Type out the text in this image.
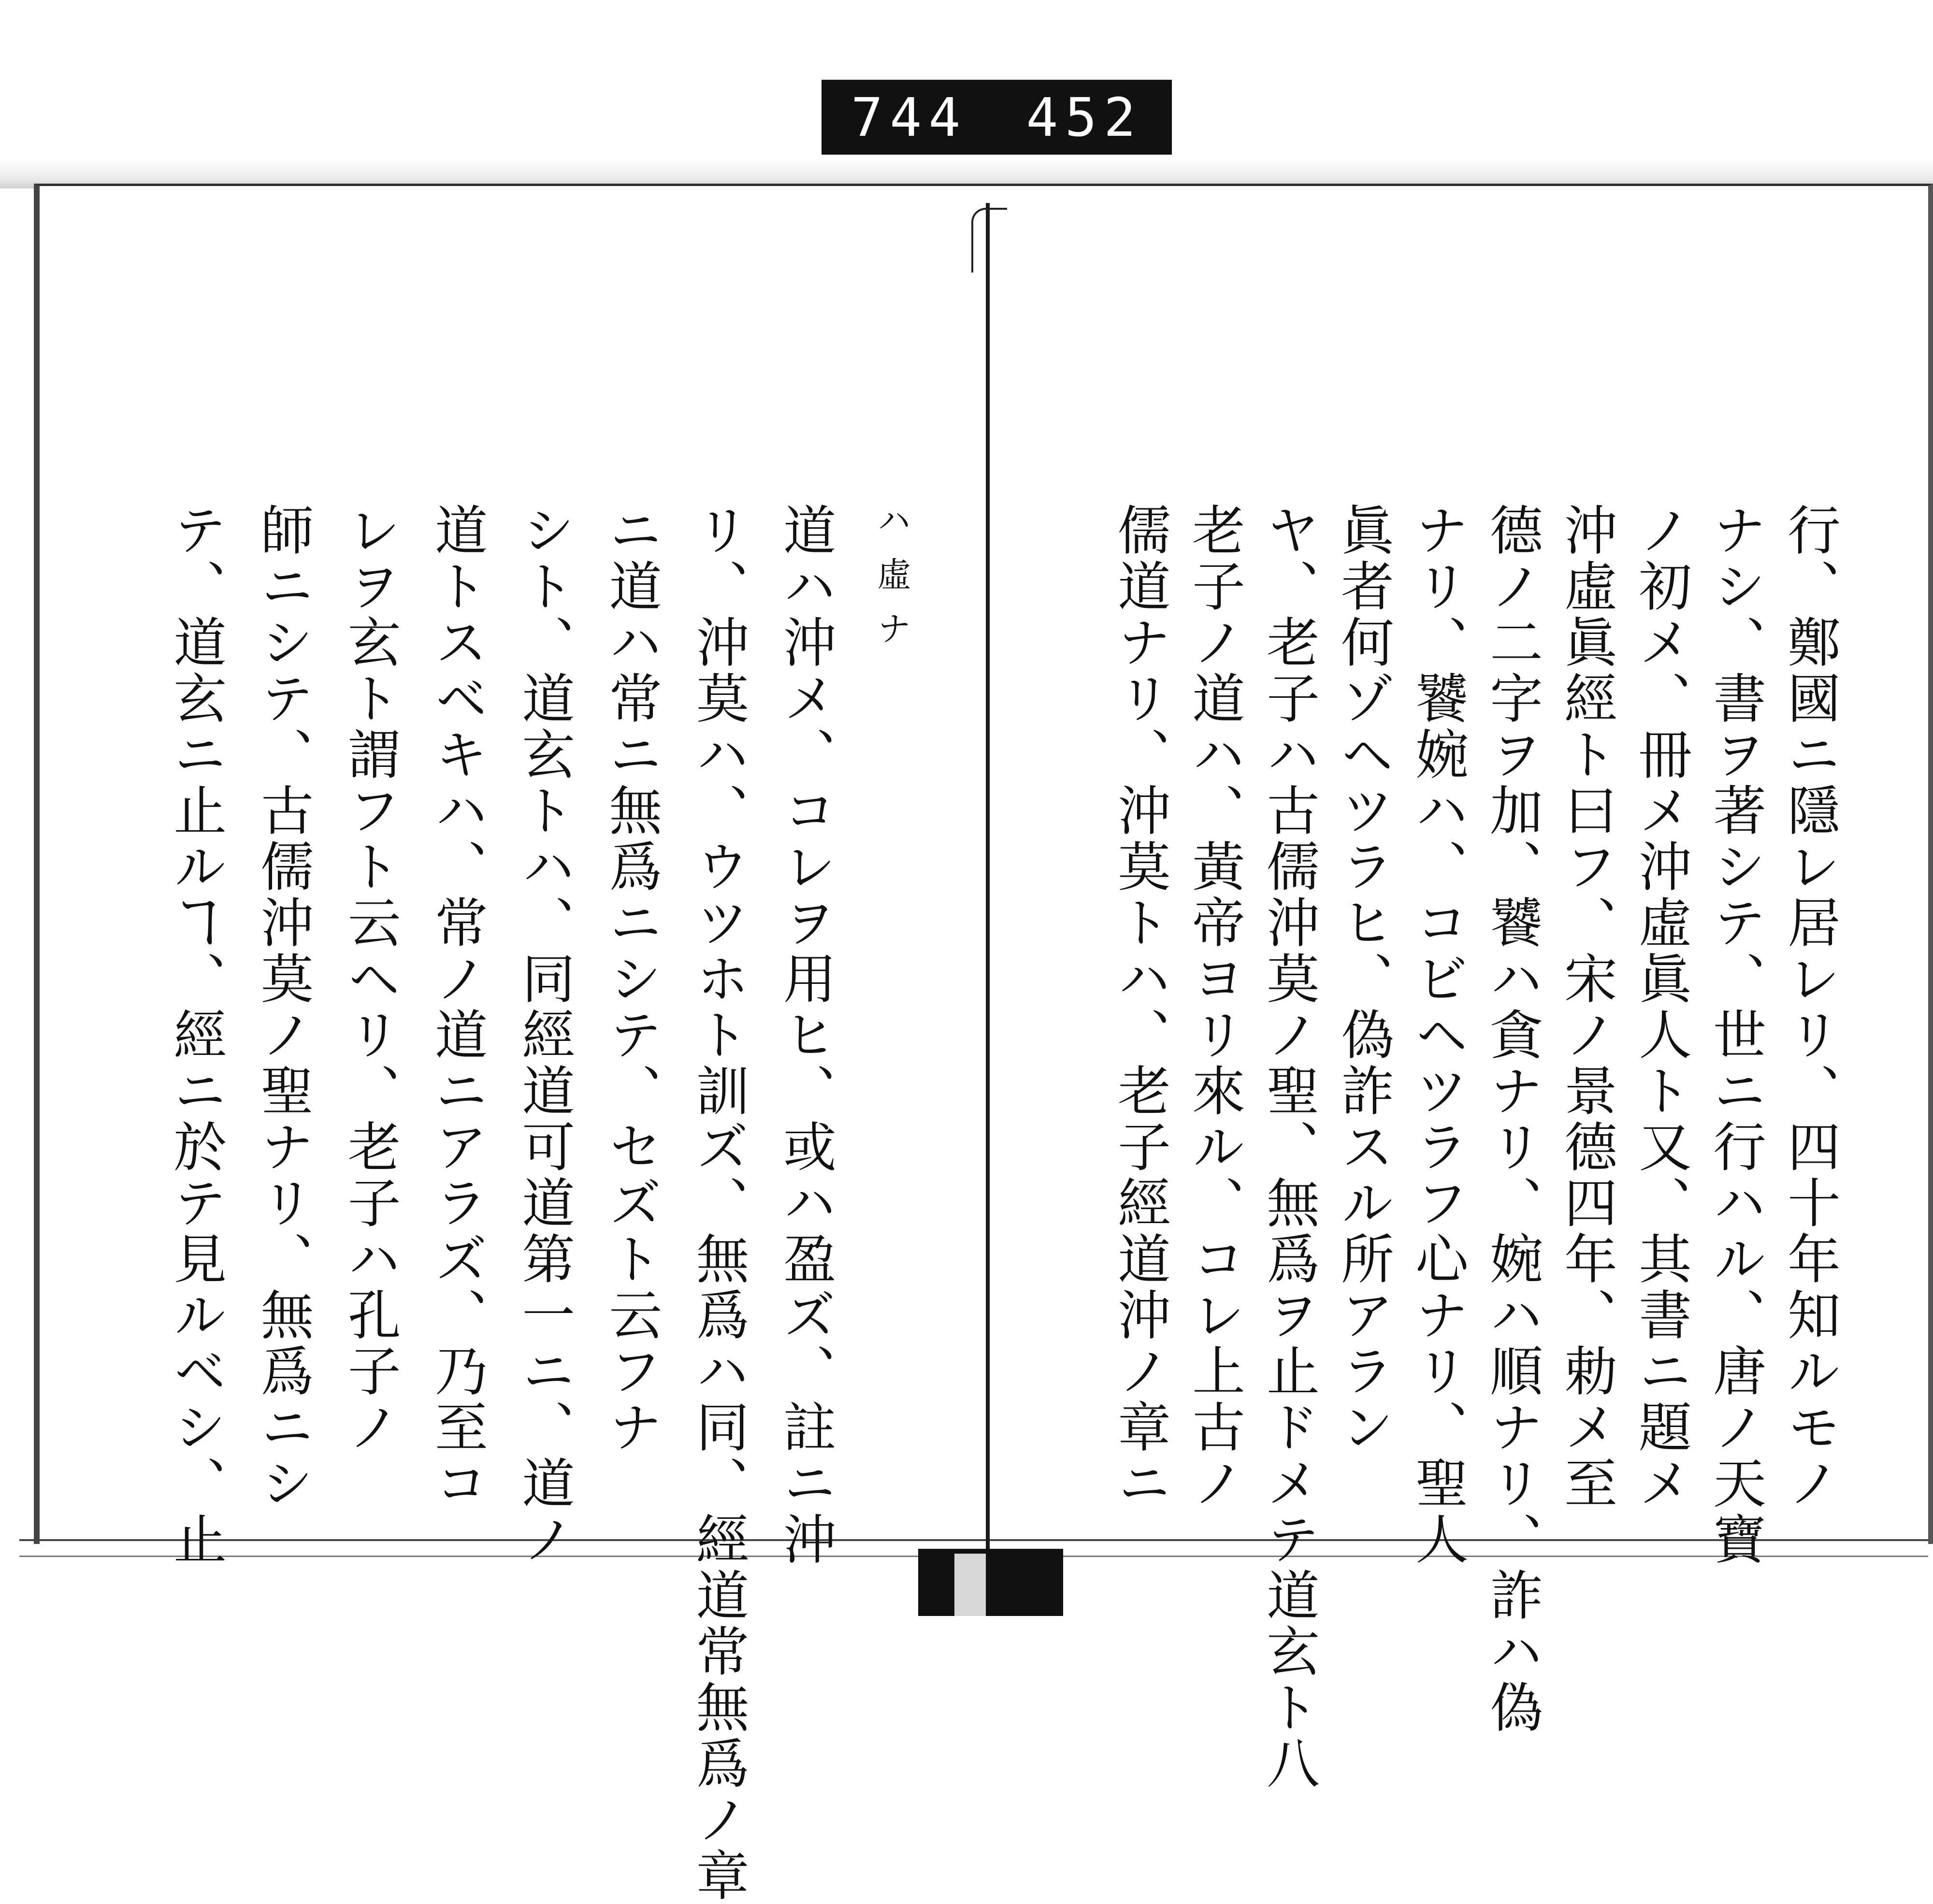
744 452
行、鄭國ニ隱レ居レリ、四十年知ルモノ
ナシ、書ヲ著シテ、世ニ行ハル、唐ノ天寶
ノ初メ、冊メ沖虛眞人ト又、其書ニ題メ
沖虛眞經ト曰フ、宋ノ景德四年、勅メ至
德ノ二字ヲ加、饕ハ貪ナリ、婉ハ順ナリ、詐ハ偽
ナリ、饕婉ハ、コビヘツラフ心ナリ、聖人
眞者何ゾヘツラヒ、偽詐スル所アラン
ヤ、老子ハ古儒沖莫ノ聖、無爲ヲ止ドメテ道玄ト八
老子ノ道ハ、黃帝ヨリ來ル、コレ上古ノ
儒道ナリ、沖莫トハ、老子經道沖ノ章ニ
ハ虛ナ
道ハ沖メ、コレヲ用ヒ、或ハ盈ズ、註ニ沖
リ、沖莫ハ、ウツホト訓ズ、無爲ハ同、經道常無爲ノ章
ニ道ハ常ニ無爲ニシテ、セズト云フナ
シト、道玄トハ、同經道可道第一ニ、道ノ
道トスベキハ、常ノ道ニアラズ、乃至コ
レヲ玄ト謂フト云ヘリ、老子ハ孔子ノ
師ニシテ、古儒沖莫ノ聖ナリ、無爲ニシ
テ、道玄ニ止ルヿ、經ニ於テ見ルベシ、止
